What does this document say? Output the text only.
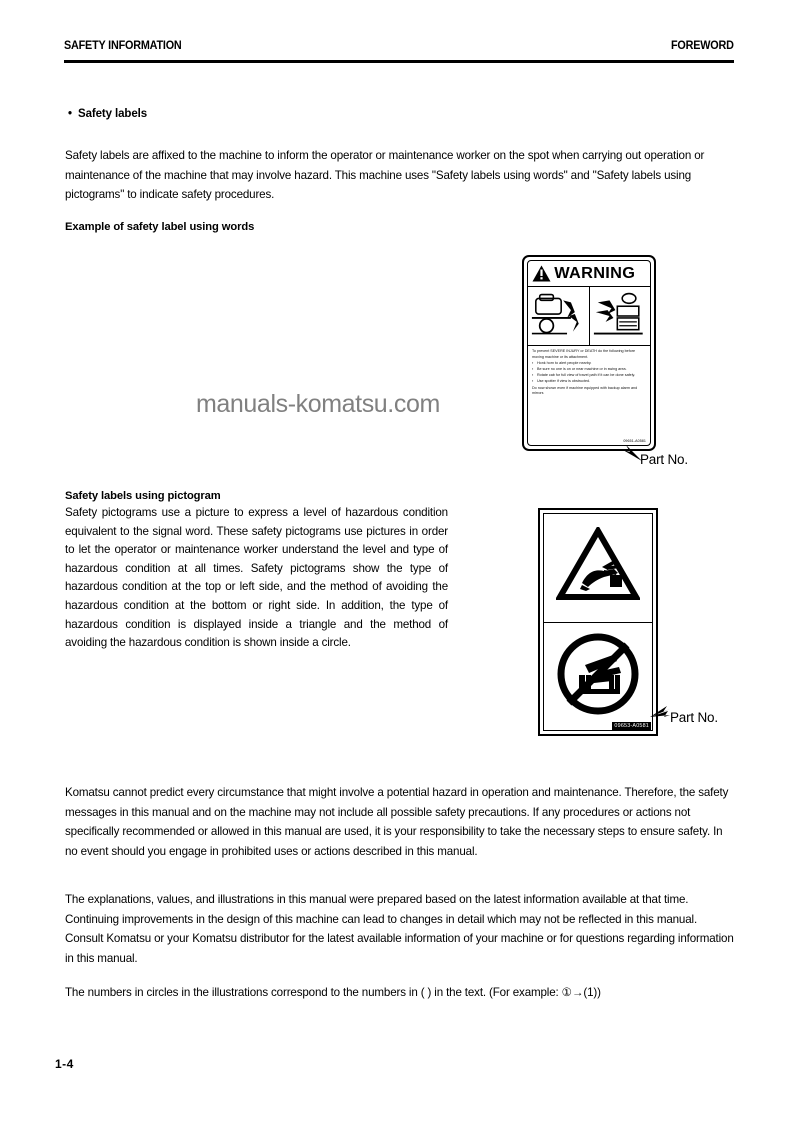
SAFETY INFORMATION	FOREWORD
• Safety labels
Safety labels are affixed to the machine to inform the operator or maintenance worker on the spot when carrying out operation or maintenance of the machine that may involve hazard. This machine uses "Safety labels using words" and "Safety labels using pictograms" to indicate safety procedures.
Example of safety label using words
WARNING
To prevent SEVERE INJURY or DEATH do the following before moving machine or its attachment.
▪ Honk horn to alert people nearby.
▪ Be sure no one is on or near machine or in swing area.
▪ Rotate cab for full view of travel path if it can be done safely.
▪ Use spotter if view is obstructed.
Do now shown even if machine equipped with backup alarm and mirrors
09651-A0581
Part No.
Safety labels using pictogram
Safety pictograms use a picture to express a level of hazardous condition equivalent to the signal word. These safety pictograms use pictures in order to let the operator or maintenance worker understand the level and type of hazardous condition at all times. Safety pictograms show the type of hazardous condition at the top or left side, and the method of avoiding the hazardous condition at the bottom or right side. In addition, the type of hazardous condition is displayed inside a triangle and the method of avoiding the hazardous condition is shown inside a circle.
09653-A0581
Part No.
manuals-komatsu.com
Komatsu cannot predict every circumstance that might involve a potential hazard in operation and maintenance. Therefore, the safety messages in this manual and on the machine may not include all possible safety precautions. If any procedures or actions not specifically recommended or allowed in this manual are used, it is your responsibility to take the necessary steps to ensure safety. In no event should you engage in prohibited uses or actions described in this manual.
The explanations, values, and illustrations in this manual were prepared based on the latest information available at that time. Continuing improvements in the design of this machine can lead to changes in detail which may not be reflected in this manual. Consult Komatsu or your Komatsu distributor for the latest available information of your machine or for questions regarding information in this manual.
The numbers in circles in the illustrations correspond to the numbers in ( ) in the text. (For example: ①→(1))
1-4
